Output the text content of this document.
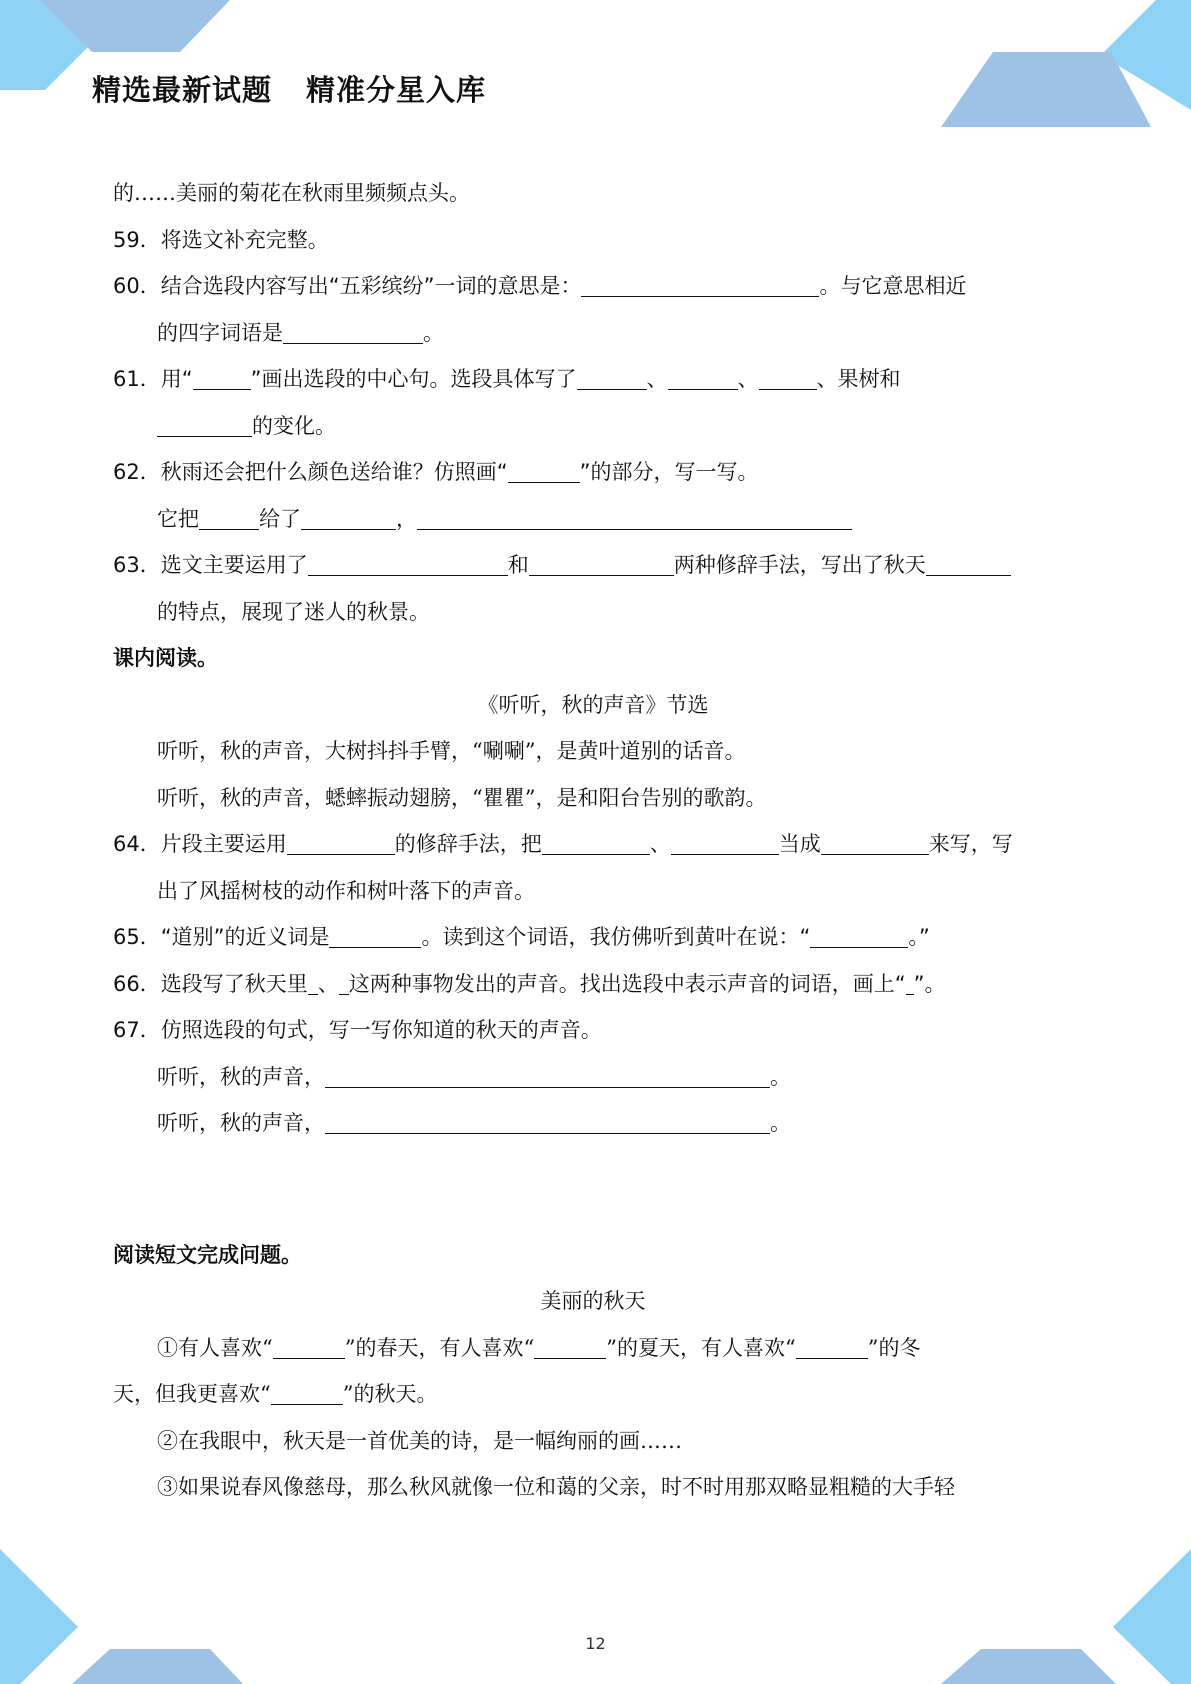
精选最新试题 精准分星入库
的……美丽的菊花在秋雨里频频点头。
59．将选文补充完整。
60．结合选段内容写出“五彩缤纷”一词的意思是：	。与它意思相近
的四字词语是	。
61．用“	”画出选段的中心句。选段具体写了	、	、	、果树和
的变化。
62．秋雨还会把什么颜色送给谁？仿照画“	”的部分，写一写。
它把	给了	，
63．选文主要运用了	和	两种修辞手法，写出了秋天
的特点，展现了迷人的秋景。
课内阅读。
《听听，秋的声音》节选
听听，秋的声音，大树抖抖手臂，“唰唰”，是黄叶道别的话音。
听听，秋的声音，蟋蟀振动翅膀，“瞿瞿”，是和阳台告别的歌韵。
64．片段主要运用	的修辞手法，把	、	当成	来写，写
出了风摇树枝的动作和树叶落下的声音。
65．“道别”的近义词是	。读到这个词语，我仿佛听到黄叶在说：“	。”
66．选段写了秋天里 、 这两种事物发出的声音。找出选段中表示声音的词语，画上“ ”。
67．仿照选段的句式，写一写你知道的秋天的声音。
听听，秋的声音，	。
听听，秋的声音，	。
阅读短文完成问题。
美丽的秋天
①有人喜欢“	”的春天，有人喜欢“	”的夏天，有人喜欢“	”的冬
天，但我更喜欢“	”的秋天。
②在我眼中，秋天是一首优美的诗，是一幅绚丽的画……
③如果说春风像慈母，那么秋风就像一位和蔼的父亲，时不时用那双略显粗糙的大手轻
12
